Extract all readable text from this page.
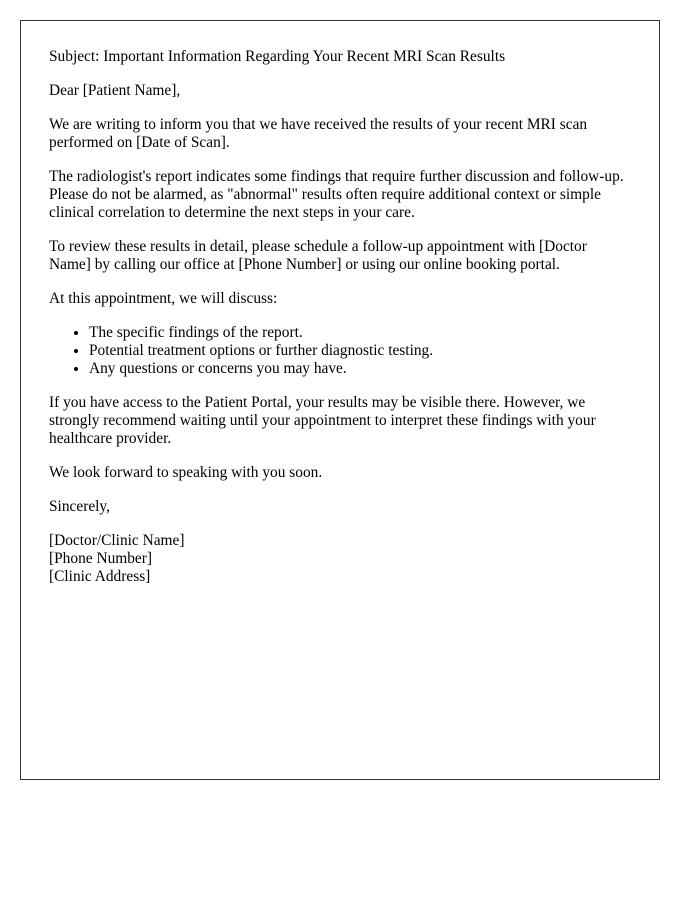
Subject: Important Information Regarding Your Recent MRI Scan Results

Dear [Patient Name],

We are writing to inform you that we have received the results of your recent MRI scan performed on [Date of Scan].

The radiologist's report indicates some findings that require further discussion and follow-up. Please do not be alarmed, as "abnormal" results often require additional context or simple clinical correlation to determine the next steps in your care.

To review these results in detail, please schedule a follow-up appointment with [Doctor Name] by calling our office at [Phone Number] or using our online booking portal.

At this appointment, we will discuss:

• The specific findings of the report.
• Potential treatment options or further diagnostic testing.
• Any questions or concerns you may have.

If you have access to the Patient Portal, your results may be visible there. However, we strongly recommend waiting until your appointment to interpret these findings with your healthcare provider.

We look forward to speaking with you soon.

Sincerely,

[Doctor/Clinic Name]
[Phone Number]
[Clinic Address]
